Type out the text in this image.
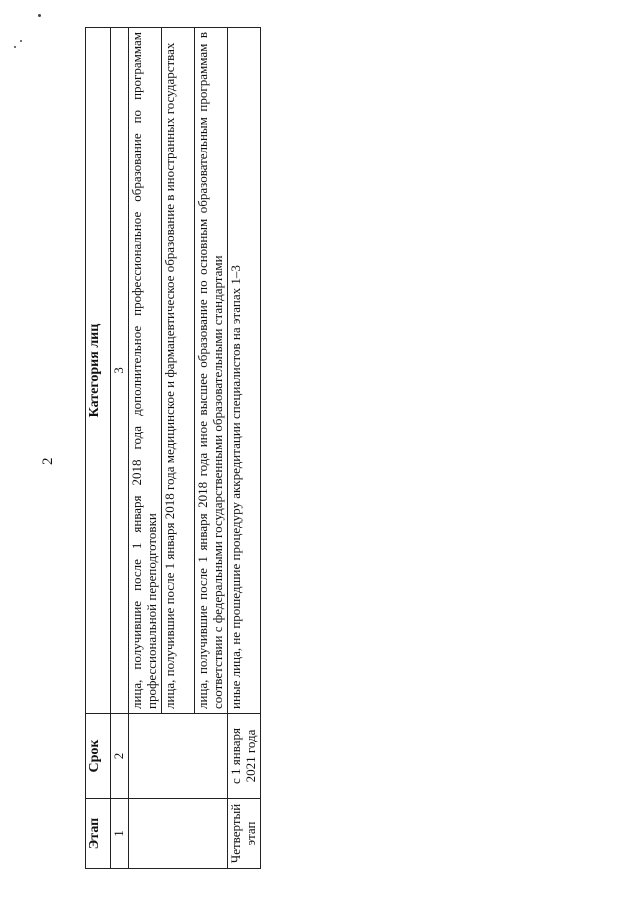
2
Этап	Срок	Категория лиц
1	2	3
		лица, получившие после 1 января 2018 года дополнительное профессиональное образование по программам профессиональной переподготовки
		лица, получившие после 1 января 2018 года медицинское и фармацевтическое образование в иностранных государствах
		лица, получившие после 1 января 2018 года иное высшее образование по основным образовательным программам в соответствии с федеральными государственными образовательными стандартами
Четвертый этап	с 1 января 2021 года	иные лица, не прошедшие процедуру аккредитации специалистов на этапах 1–3
